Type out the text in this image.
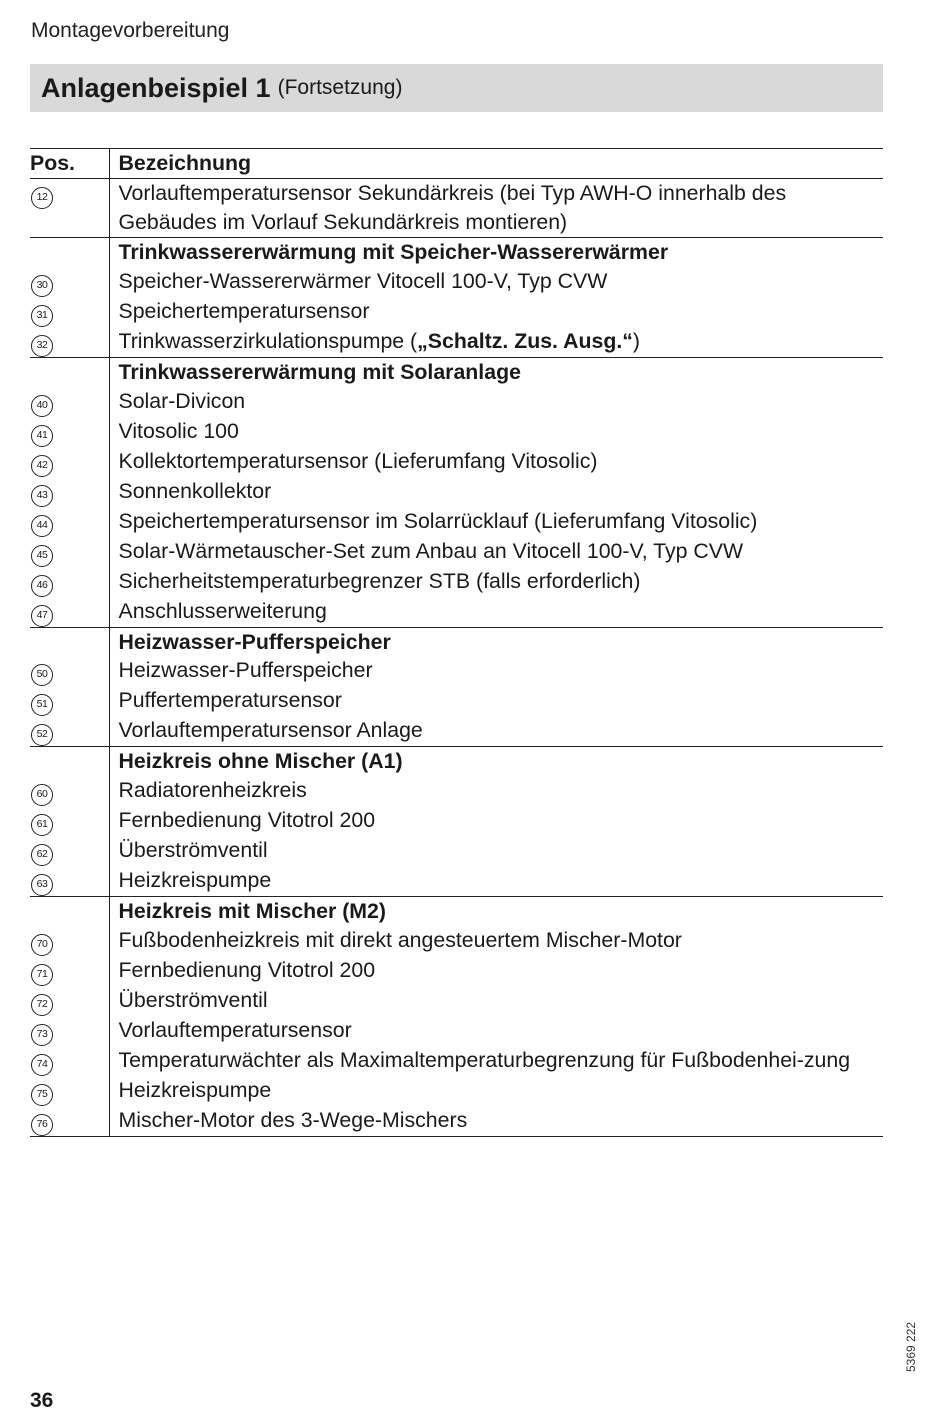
Montagevorbereitung
Anlagenbeispiel 1 (Fortsetzung)
Pos.	Bezeichnung
12	Vorlauftemperatursensor Sekundärkreis (bei Typ AWH-O innerhalb des Gebäudes im Vorlauf Sekundärkreis montieren)
	Trinkwassererwärmung mit Speicher-Wassererwärmer
30	Speicher-Wassererwärmer Vitocell 100-V, Typ CVW
31	Speichertemperatursensor
32	Trinkwasserzirkulationspumpe („Schaltz. Zus. Ausg.“)
	Trinkwassererwärmung mit Solaranlage
40	Solar-Divicon
41	Vitosolic 100
42	Kollektortemperatursensor (Lieferumfang Vitosolic)
43	Sonnenkollektor
44	Speichertemperatursensor im Solarrücklauf (Lieferumfang Vitosolic)
45	Solar-Wärmetauscher-Set zum Anbau an Vitocell 100-V, Typ CVW
46	Sicherheitstemperaturbegrenzer STB (falls erforderlich)
47	Anschlusserweiterung
	Heizwasser-Pufferspeicher
50	Heizwasser-Pufferspeicher
51	Puffertemperatursensor
52	Vorlauftemperatursensor Anlage
	Heizkreis ohne Mischer (A1)
60	Radiatorenheizkreis
61	Fernbedienung Vitotrol 200
62	Überströmventil
63	Heizkreispumpe
	Heizkreis mit Mischer (M2)
70	Fußbodenheizkreis mit direkt angesteuertem Mischer-Motor
71	Fernbedienung Vitotrol 200
72	Überströmventil
73	Vorlauftemperatursensor
74	Temperaturwächter als Maximaltemperaturbegrenzung für Fußbodenhei-zung
75	Heizkreispumpe
76	Mischer-Motor des 3-Wege-Mischers
5369 222
36
